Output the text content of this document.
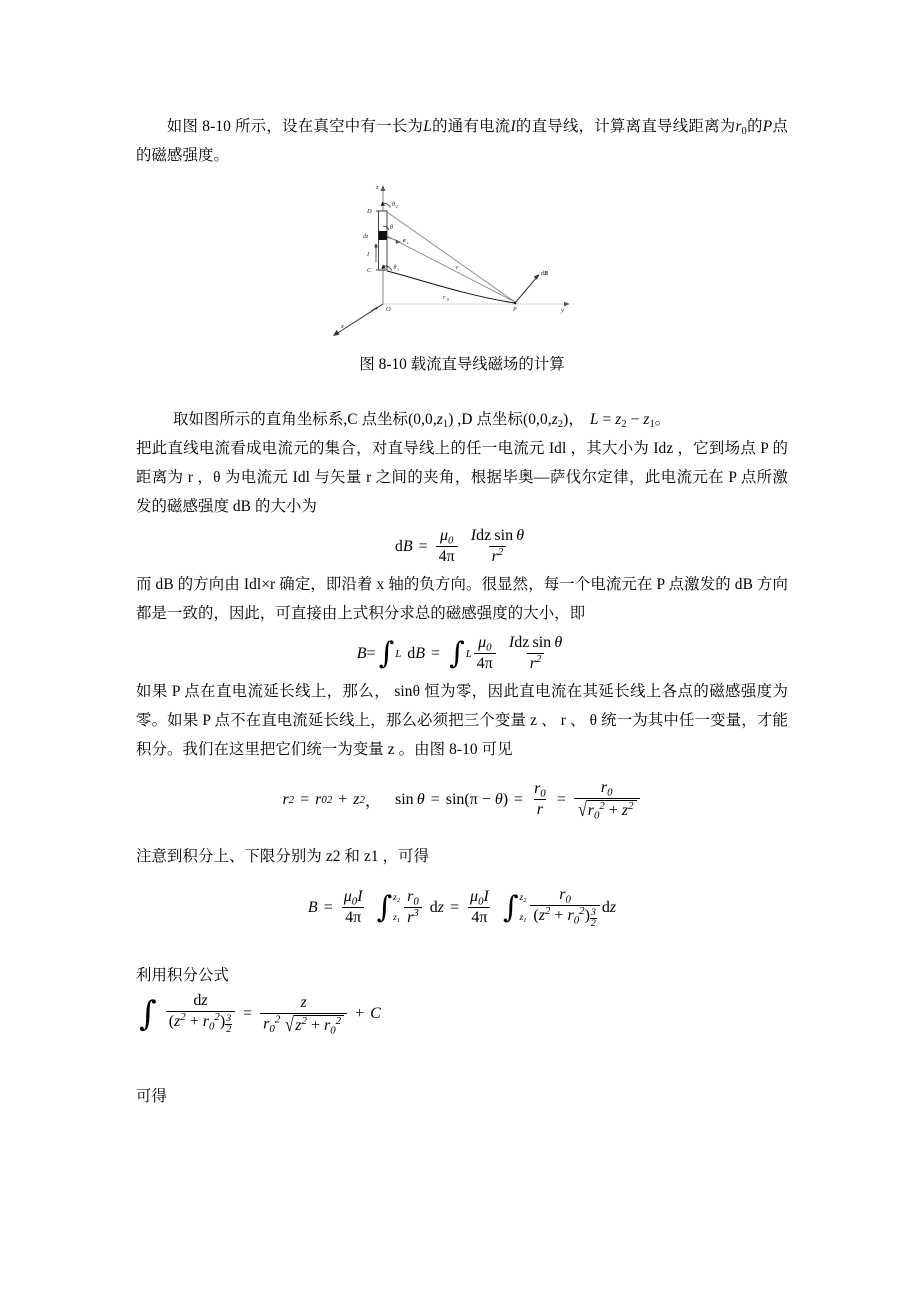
如图 8-10 所示，设在真空中有一长为L的通有电流I的直导线，计算离直导线距离为$r_0$的P点的磁感强度。
z
y
x
O
D
C
θ 2
θ
dz
I
e r
r
θ 1
r 0
P
dB
图 8-10 载流直导线磁场的计算
取如图所示的直角坐标系,C 点坐标$(0,0,z_1)$ ,D 点坐标$(0,0,z_2)$， $L = z_2 - z_1$。
把此直线电流看成电流元的集合，对直导线上的任一电流元 Idl ，其大小为 Idz ，它到场点 P 的距离为 r ，θ 为电流元 Idl 与矢量 r 之间的夹角，根据毕奥—萨伐尔定律，此电流元在 P 点所激发的磁感强度 dB 的大小为
d $B = \frac{\mu_0}{4\pi} \frac{\text{Idz  sin  θ}}{r^2}$
而 dB 的方向由 Idl×r 确定，即沿着 x 轴的负方向。很显然，每一个电流元在 P 点激发的 dB 方向都是一致的，因此，可直接由上式积分求总的磁感强度的大小，即
B = ∫ L d B = ∫ L $\frac{\mu_0}{4\pi} \frac{\text{Idz  sin  θ}}{r^2}$
如果 P 点在直电流延长线上，那么， sinθ 恒为零，因此直电流在其延长线上各点的磁感强度为零。如果 P 点不在直电流延长线上，那么必须把三个变量 z 、 r 、 θ 统一为其中任一变量，才能积分。我们在这里把它们统一为变量 z 。由图 8-10 可见
r 2 = r 0 2 + z 2 ， sin
  θ = sin(π − θ ) = $\frac{r_0}{r} = \frac{r_0}{√ r_0^2 + z^2}$
注意到积分上、下限分别为 z2 和 z1 ，可得
$B = \frac{\mu_0I}{4\pi}$ ∫ $z_2$
$z_1 \frac{r_0}{r^3}$ d $z = \frac{\mu_0I}{4\pi}$ ∫ $z_2$
$z_1 \frac{r_0}{(z^2 + r_0^2) \frac{3}{2}}$ d z
利用积分公式
∫ $\frac{dz}{(z^2 + r_0^2) \frac{3}{2}} = \frac{z}{r_0^2 √ z^2 + r_0^2} + C$
可得
